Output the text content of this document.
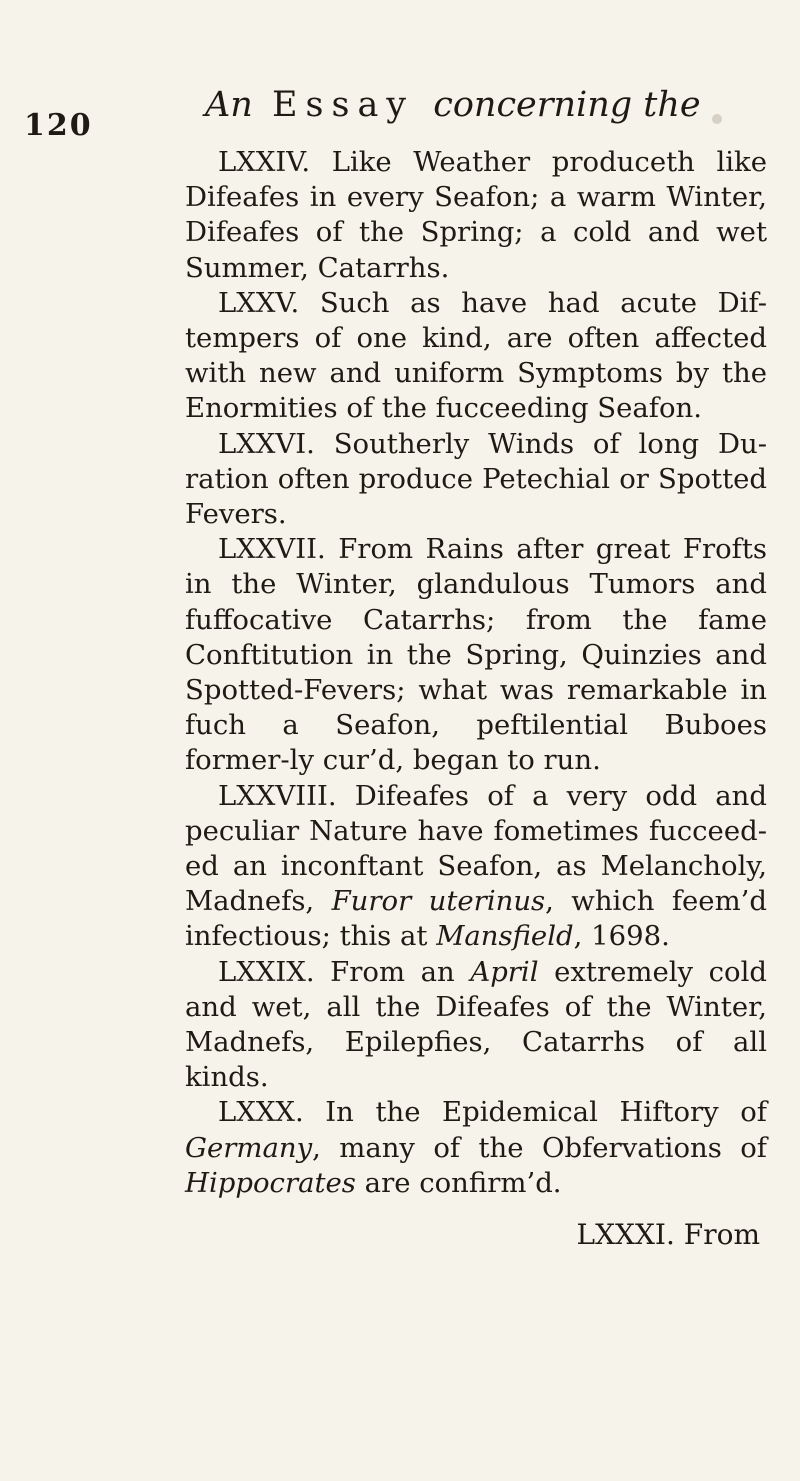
120
An Essay concerning the

LXXIV. Like Weather produceth like Difeafes in every Seafon; a warm Winter, Difeafes of the Spring; a cold and wet Summer, Catarrhs.

LXXV. Such as have had acute Dif-tempers of one kind, are often affected with new and uniform Symptoms by the Enormities of the fucceeding Seafon.

LXXVI. Southerly Winds of long Du-ration often produce Petechial or Spotted Fevers.

LXXVII. From Rains after great Frofts in the Winter, glandulous Tumors and fuffocative Catarrhs; from the fame Conftitution in the Spring, Quinzies and Spotted-Fevers; what was remarkable in fuch a Seafon, peftilential Buboes former-ly cur’d, began to run.

LXXVIII. Difeafes of a very odd and peculiar Nature have fometimes fucceed-ed an inconftant Seafon, as Melancholy, Madnefs, Furor uterinus, which feem’d infectious; this at Mansfield, 1698.

LXXIX. From an April extremely cold and wet, all the Difeafes of the Winter, Madnefs, Epilepfies, Catarrhs of all kinds.

LXXX. In the Epidemical Hiftory of Germany, many of the Obfervations of Hippocrates are confirm’d.

LXXXI. From
